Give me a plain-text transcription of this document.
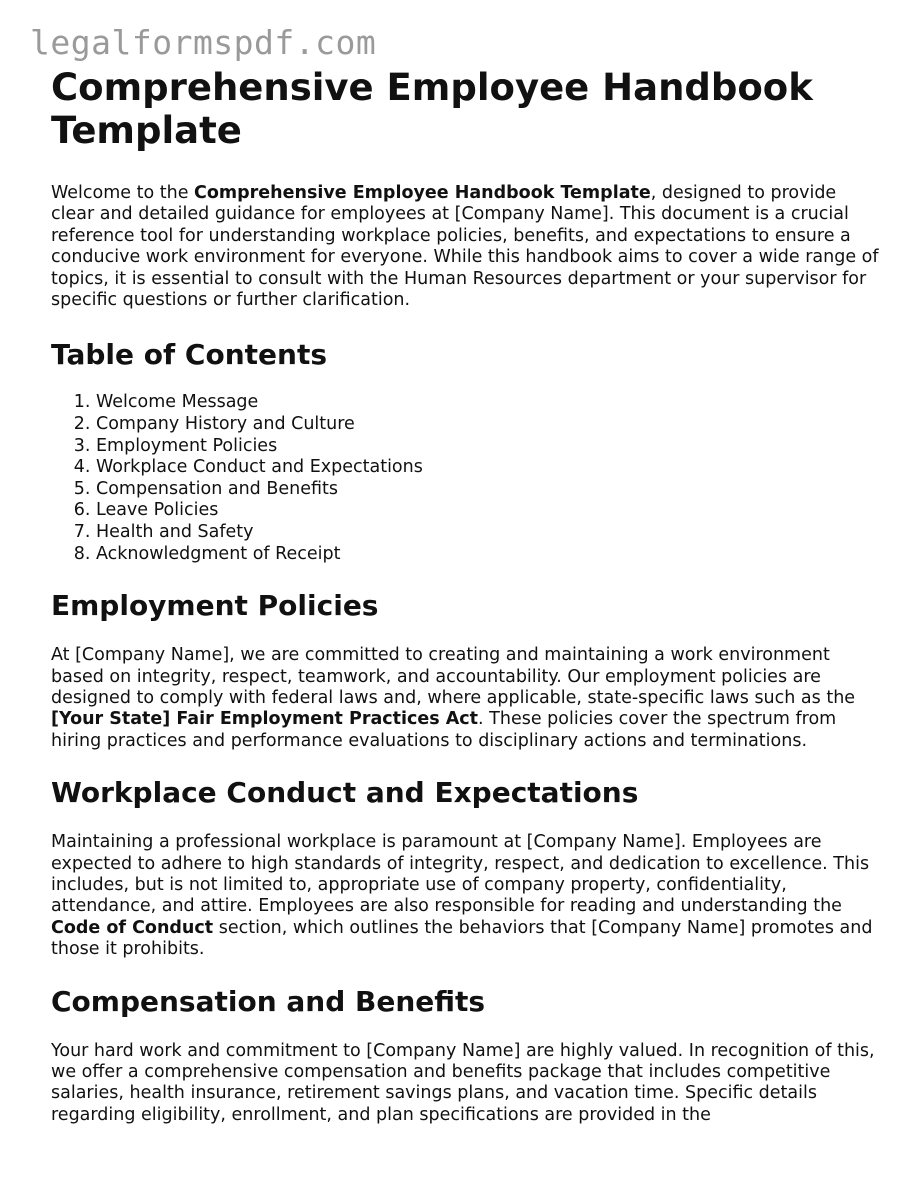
legalformspdf.com
Comprehensive Employee Handbook Template

Welcome to the Comprehensive Employee Handbook Template, designed to provide clear and detailed guidance for employees at [Company Name]. This document is a crucial reference tool for understanding workplace policies, benefits, and expectations to ensure a conducive work environment for everyone. While this handbook aims to cover a wide range of topics, it is essential to consult with the Human Resources department or your supervisor for specific questions or further clarification.

Table of Contents
1. Welcome Message
2. Company History and Culture
3. Employment Policies
4. Workplace Conduct and Expectations
5. Compensation and Benefits
6. Leave Policies
7. Health and Safety
8. Acknowledgment of Receipt
Employment Policies

At [Company Name], we are committed to creating and maintaining a work environment based on integrity, respect, teamwork, and accountability. Our employment policies are designed to comply with federal laws and, where applicable, state-specific laws such as the [Your State] Fair Employment Practices Act. These policies cover the spectrum from hiring practices and performance evaluations to disciplinary actions and terminations.

Workplace Conduct and Expectations

Maintaining a professional workplace is paramount at [Company Name]. Employees are expected to adhere to high standards of integrity, respect, and dedication to excellence. This includes, but is not limited to, appropriate use of company property, confidentiality, attendance, and attire. Employees are also responsible for reading and understanding the Code of Conduct section, which outlines the behaviors that [Company Name] promotes and those it prohibits.

Compensation and Benefits

Your hard work and commitment to [Company Name] are highly valued. In recognition of this, we offer a comprehensive compensation and benefits package that includes competitive salaries, health insurance, retirement savings plans, and vacation time. Specific details regarding eligibility, enrollment, and plan specifications are provided in the
